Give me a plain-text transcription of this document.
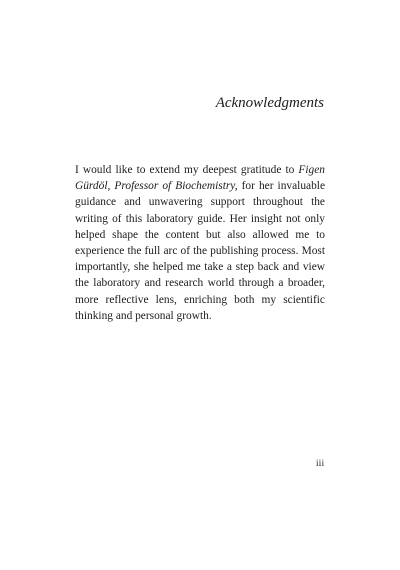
Acknowledgments

I would like to extend my deepest gratitude to Figen Gürdöl, Professor of Biochemistry, for her invaluable guidance and unwavering support throughout the writing of this laboratory guide. Her insight not only helped shape the content but also allowed me to experience the full arc of the publishing process. Most importantly, she helped me take a step back and view the laboratory and research world through a broader, more reflective lens, enriching both my scientific thinking and personal growth.

iii
